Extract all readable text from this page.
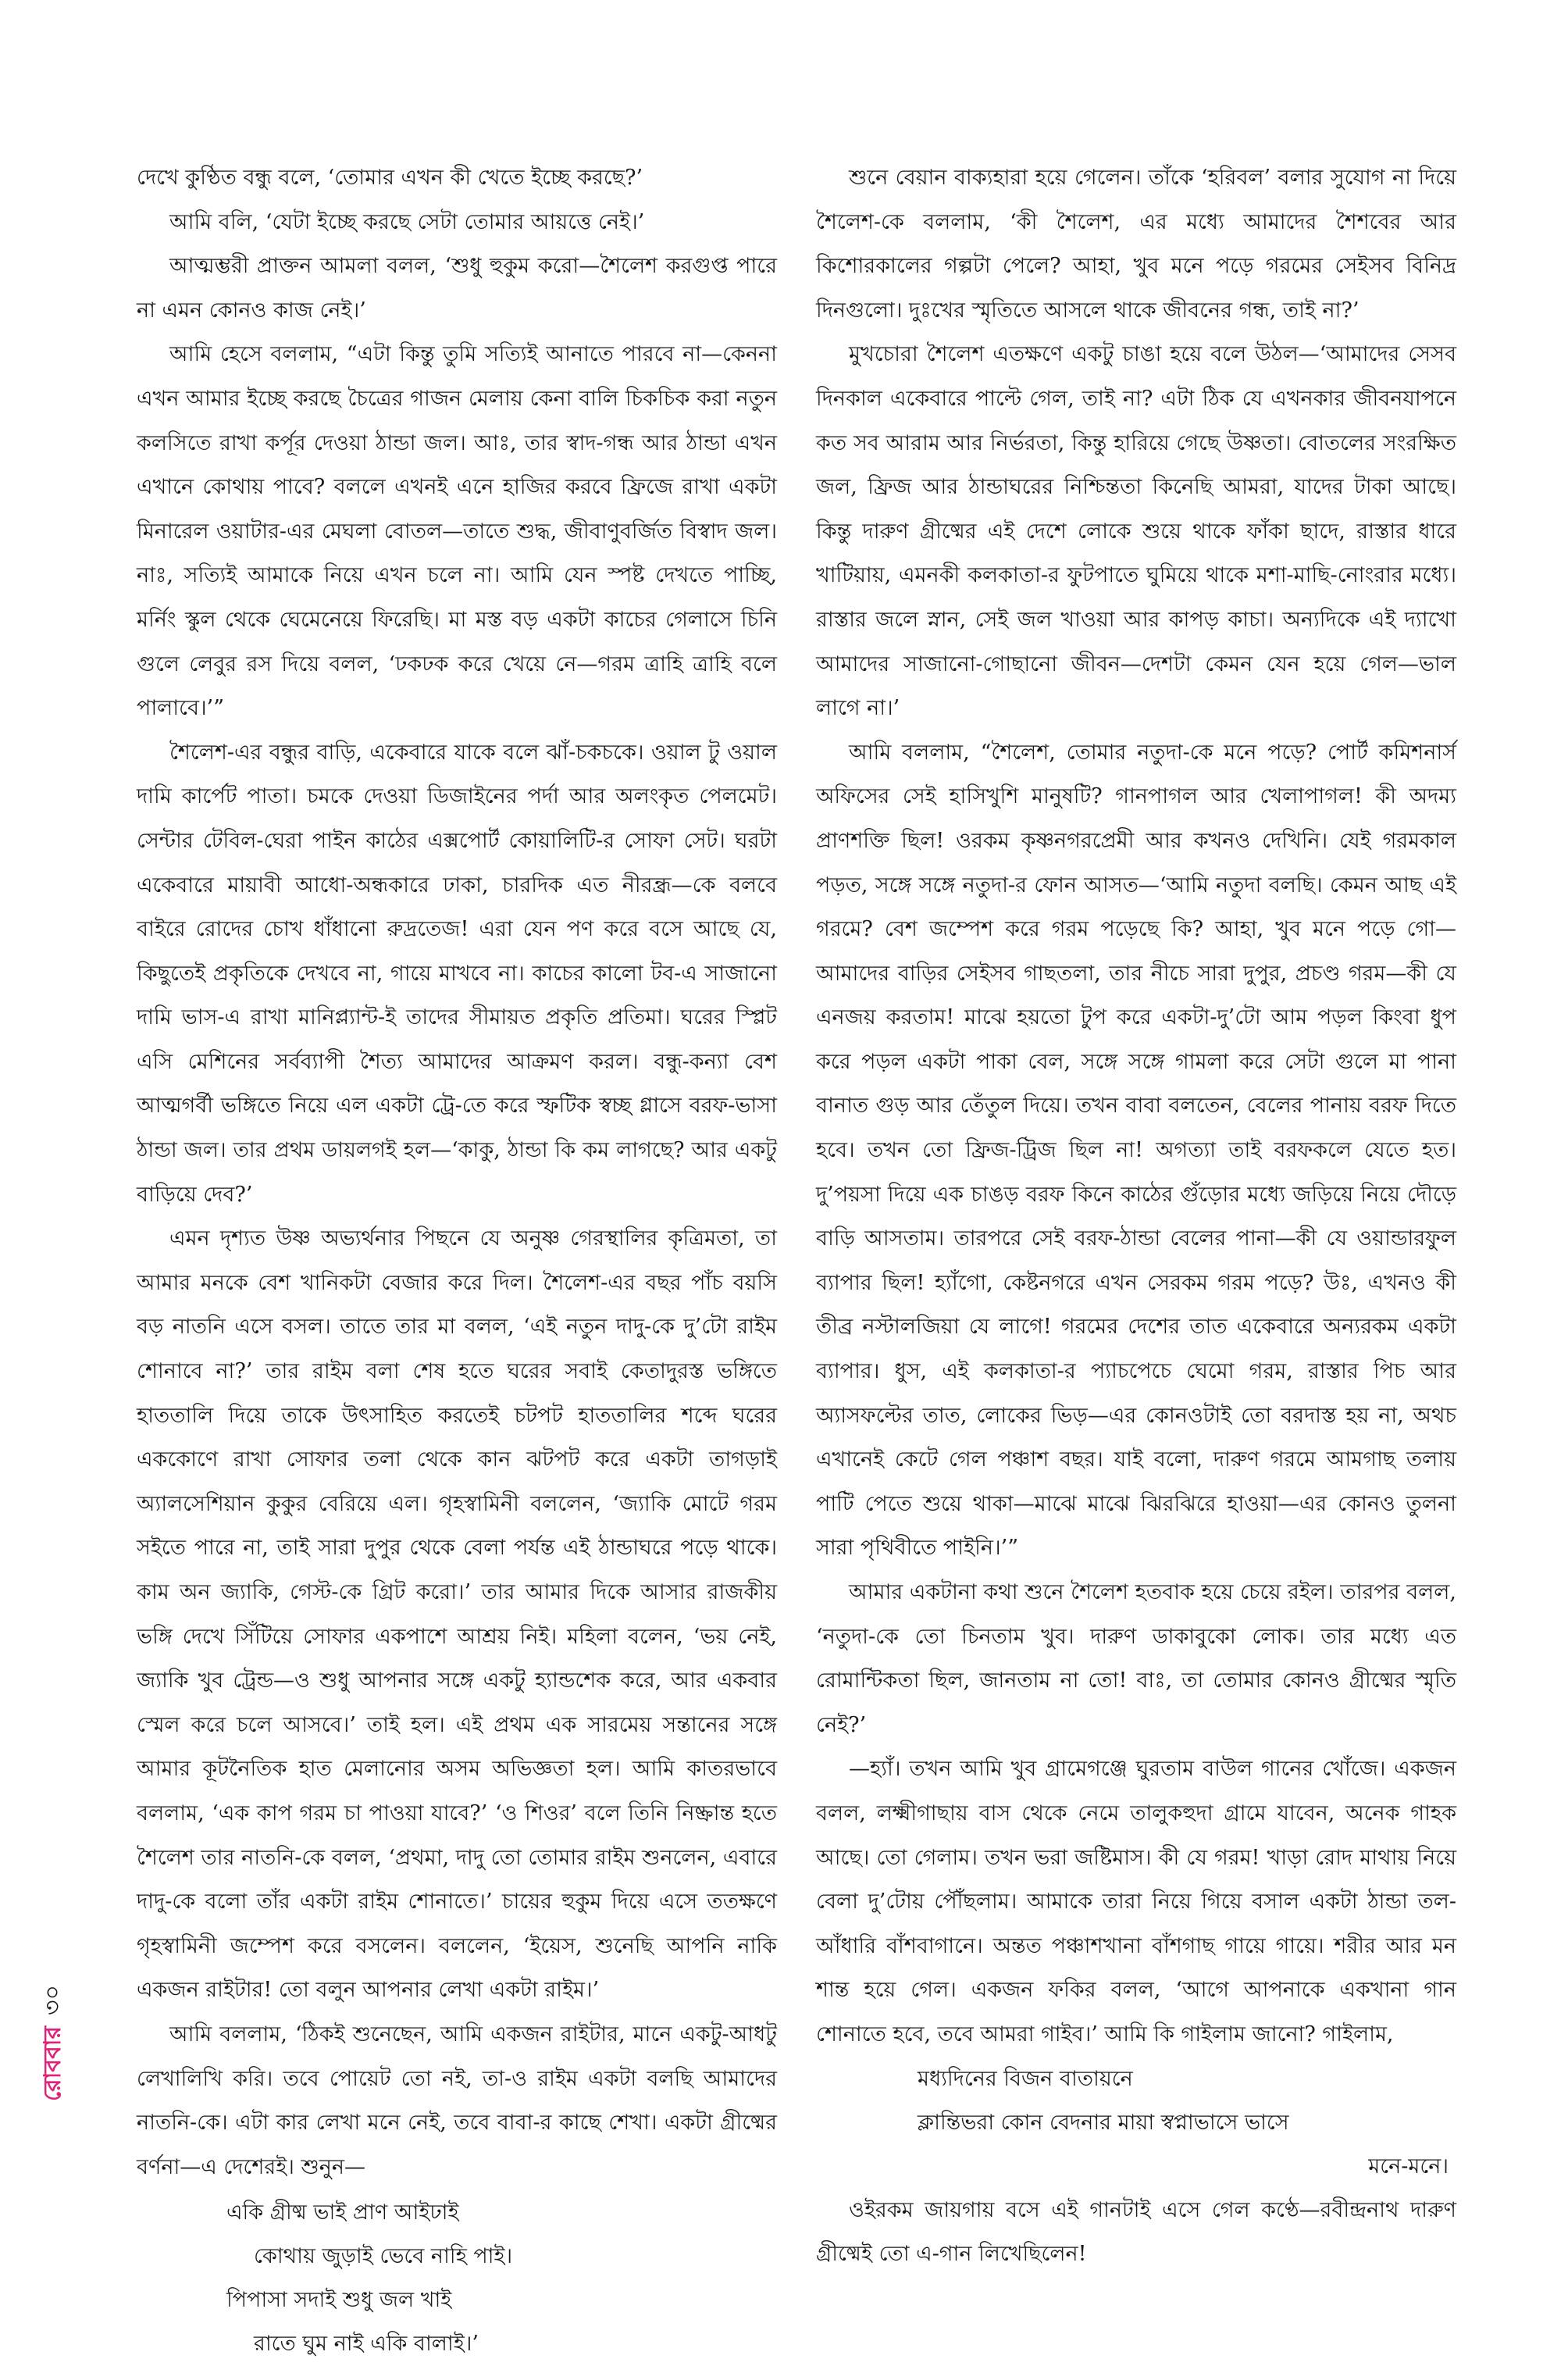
দেখে কুণ্ঠিত বন্ধু বলে, ‘তোমার এখন কী খেতে ইচ্ছে করছে?’

আমি বলি, ‘যেটা ইচ্ছে করছে সেটা তোমার আয়ত্তে নেই।’

আত্মম্ভরী প্রাক্তন আমলা বলল, ‘শুধু হুকুম করো—শৈলেশ করগুপ্ত পারে না এমন কোনও কাজ নেই।’

আমি হেসে বললাম, “এটা কিন্তু তুমি সত্যিই আনাতে পারবে না—কেননা এখন আমার ইচ্ছে করছে চৈত্রের গাজন মেলায় কেনা বালি চিকচিক করা নতুন কলসিতে রাখা কর্পূর দেওয়া ঠান্ডা জল। আঃ, তার স্বাদ-গন্ধ আর ঠান্ডা এখন এখানে কোথায় পাবে? বললে এখনই এনে হাজির করবে ফ্রিজে রাখা একটা মিনারেল ওয়াটার-এর মেঘলা বোতল—তাতে শুদ্ধ, জীবাণুবর্জিত বিস্বাদ জল। নাঃ, সত্যিই আমাকে নিয়ে এখন চলে না। আমি যেন স্পষ্ট দেখতে পাচ্ছি, মর্নিং স্কুল থেকে ঘেমেনেয়ে ফিরেছি। মা মস্ত বড় একটা কাচের গেলাসে চিনি গুলে লেবুর রস দিয়ে বলল, ‘ঢকঢক করে খেয়ে নে—গরম ত্রাহি ত্রাহি বলে পালাবে।’”

শৈলেশ-এর বন্ধুর বাড়ি, একেবারে যাকে বলে ঝাঁ-চকচকে। ওয়াল টু ওয়াল দামি কার্পেট পাতা। চমকে দেওয়া ডিজাইনের পর্দা আর অলংকৃত পেলমেট। সেন্টার টেবিল-ঘেরা পাইন কাঠের এক্সপোর্ট কোয়ালিটি-র সোফা সেট। ঘরটা একেবারে মায়াবী আধো-অন্ধকারে ঢাকা, চারদিক এত নীরন্ধ্র—কে বলবে বাইরে রোদের চোখ ধাঁধানো রুদ্রতেজ! এরা যেন পণ করে বসে আছে যে, কিছুতেই প্রকৃতিকে দেখবে না, গায়ে মাখবে না। কাচের কালো টব-এ সাজানো দামি ভাস-এ রাখা মানিপ্ল্যান্ট-ই তাদের সীমায়ত প্রকৃতি প্রতিমা। ঘরের স্প্লিট এসি মেশিনের সর্বব্যাপী শৈত্য আমাদের আক্রমণ করল। বন্ধু-কন্যা বেশ আত্মগর্বী ভঙ্গিতে নিয়ে এল একটা ট্রে-তে করে স্ফটিক স্বচ্ছ গ্লাসে বরফ-ভাসা ঠান্ডা জল। তার প্রথম ডায়লগই হল—‘কাকু, ঠান্ডা কি কম লাগছে? আর একটু বাড়িয়ে দেব?’

এমন দৃশ্যত উষ্ণ অভ্যর্থনার পিছনে যে অনুষ্ণ গেরস্থালির কৃত্রিমতা, তা আমার মনকে বেশ খানিকটা বেজার করে দিল। শৈলেশ-এর বছর পাঁচ বয়সি বড় নাতনি এসে বসল। তাতে তার মা বলল, ‘এই নতুন দাদু-কে দু’টো রাইম শোনাবে না?’ তার রাইম বলা শেষ হতে ঘরের সবাই কেতাদুরস্ত ভঙ্গিতে হাততালি দিয়ে তাকে উৎসাহিত করতেই চটপট হাততালির শব্দে ঘরের এককোণে রাখা সোফার তলা থেকে কান ঝটপট করে একটা তাগড়াই অ্যালসেশিয়ান কুকুর বেরিয়ে এল। গৃহস্বামিনী বললেন, ‘জ্যাকি মোটে গরম সইতে পারে না, তাই সারা দুপুর থেকে বেলা পর্যন্ত এই ঠান্ডাঘরে পড়ে থাকে। কাম অন জ্যাকি, গেস্ট-কে গ্রিট করো।’ তার আমার দিকে আসার রাজকীয় ভঙ্গি দেখে সিঁটিয়ে সোফার একপাশে আশ্রয় নিই। মহিলা বলেন, ‘ভয় নেই, জ্যাকি খুব ট্রেন্ড—ও শুধু আপনার সঙ্গে একটু হ্যান্ডশেক করে, আর একবার স্মেল করে চলে আসবে।’ তাই হল। এই প্রথম এক সারমেয় সন্তানের সঙ্গে আমার কূটনৈতিক হাত মেলানোর অসম অভিজ্ঞতা হল। আমি কাতরভাবে বললাম, ‘এক কাপ গরম চা পাওয়া যাবে?’ ‘ও শিওর’ বলে তিনি নিষ্ক্রান্ত হতে শৈলেশ তার নাতনি-কে বলল, ‘প্রথমা, দাদু তো তোমার রাইম শুনলেন, এবারে দাদু-কে বলো তাঁর একটা রাইম শোনাতে।’ চায়ের হুকুম দিয়ে এসে ততক্ষণে গৃহস্বামিনী জম্পেশ করে বসলেন। বললেন, ‘ইয়েস, শুনেছি আপনি নাকি একজন রাইটার! তো বলুন আপনার লেখা একটা রাইম।’

আমি বললাম, ‘ঠিকই শুনেছেন, আমি একজন রাইটার, মানে একটু-আধটু লেখালিখি করি। তবে পোয়েট তো নই, তা-ও রাইম একটা বলছি আমাদের নাতনি-কে। এটা কার লেখা মনে নেই, তবে বাবা-র কাছে শেখা। একটা গ্রীষ্মের বর্ণনা—এ দেশেরই। শুনুন—

একি গ্রীষ্ম ভাই প্রাণ আইঢাই
কোথায় জুড়াই ভেবে নাহি পাই।
পিপাসা সদাই শুধু জল খাই
রাতে ঘুম নাই একি বালাই।’

শুনে বেয়ান বাক্যহারা হয়ে গেলেন। তাঁকে ‘হরিবল’ বলার সুযোগ না দিয়ে শৈলেশ-কে বললাম, ‘কী শৈলেশ, এর মধ্যে আমাদের শৈশবের আর কিশোরকালের গল্পটা পেলে? আহা, খুব মনে পড়ে গরমের সেইসব বিনিদ্র দিনগুলো। দুঃখের স্মৃতিতে আসলে থাকে জীবনের গন্ধ, তাই না?’

মুখচোরা শৈলেশ এতক্ষণে একটু চাঙা হয়ে বলে উঠল—‘আমাদের সেসব দিনকাল একেবারে পাল্টে গেল, তাই না? এটা ঠিক যে এখনকার জীবনযাপনে কত সব আরাম আর নির্ভরতা, কিন্তু হারিয়ে গেছে উষ্ণতা। বোতলের সংরক্ষিত জল, ফ্রিজ আর ঠান্ডাঘরের নিশ্চিন্ততা কিনেছি আমরা, যাদের টাকা আছে। কিন্তু দারুণ গ্রীষ্মের এই দেশে লোকে শুয়ে থাকে ফাঁকা ছাদে, রাস্তার ধারে খাটিয়ায়, এমনকী কলকাতা-র ফুটপাতে ঘুমিয়ে থাকে মশা-মাছি-নোংরার মধ্যে। রাস্তার জলে স্নান, সেই জল খাওয়া আর কাপড় কাচা। অন্যদিকে এই দ্যাখো আমাদের সাজানো-গোছানো জীবন—দেশটা কেমন যেন হয়ে গেল—ভাল লাগে না।’

আমি বললাম, “শৈলেশ, তোমার নতুদা-কে মনে পড়ে? পোর্ট কমিশনার্স অফিসের সেই হাসিখুশি মানুষটি? গানপাগল আর খেলাপাগল! কী অদম্য প্রাণশক্তি ছিল! ওরকম কৃষ্ণনগরপ্রেমী আর কখনও দেখিনি। যেই গরমকাল পড়ত, সঙ্গে সঙ্গে নতুদা-র ফোন আসত—‘আমি নতুদা বলছি। কেমন আছ এই গরমে? বেশ জম্পেশ করে গরম পড়েছে কি? আহা, খুব মনে পড়ে গো—আমাদের বাড়ির সেইসব গাছতলা, তার নীচে সারা দুপুর, প্রচণ্ড গরম—কী যে এনজয় করতাম! মাঝে হয়তো টুপ করে একটা-দু’টো আম পড়ল কিংবা ধুপ করে পড়ল একটা পাকা বেল, সঙ্গে সঙ্গে গামলা করে সেটা গুলে মা পানা বানাত গুড় আর তেঁতুল দিয়ে। তখন বাবা বলতেন, বেলের পানায় বরফ দিতে হবে। তখন তো ফ্রিজ-ট্রিজ ছিল না! অগত্যা তাই বরফকলে যেতে হত। দু’পয়সা দিয়ে এক চাঙড় বরফ কিনে কাঠের গুঁড়োর মধ্যে জড়িয়ে নিয়ে দৌড়ে বাড়ি আসতাম। তারপরে সেই বরফ-ঠান্ডা বেলের পানা—কী যে ওয়ান্ডারফুল ব্যাপার ছিল! হ্যাঁগো, কেষ্টনগরে এখন সেরকম গরম পড়ে? উঃ, এখনও কী তীব্র নস্টালজিয়া যে লাগে! গরমের দেশের তাত একেবারে অন্যরকম একটা ব্যাপার। ধুস, এই কলকাতা-র প্যাচপেচে ঘেমো গরম, রাস্তার পিচ আর অ্যাসফল্টের তাত, লোকের ভিড়—এর কোনওটাই তো বরদাস্ত হয় না, অথচ এখানেই কেটে গেল পঞ্চাশ বছর। যাই বলো, দারুণ গরমে আমগাছ তলায় পাটি পেতে শুয়ে থাকা—মাঝে মাঝে ঝিরঝিরে হাওয়া—এর কোনও তুলনা সারা পৃথিবীতে পাইনি।’”

আমার একটানা কথা শুনে শৈলেশ হতবাক হয়ে চেয়ে রইল। তারপর বলল, ‘নতুদা-কে তো চিনতাম খুব। দারুণ ডাকাবুকো লোক। তার মধ্যে এত রোমান্টিকতা ছিল, জানতাম না তো! বাঃ, তা তোমার কোনও গ্রীষ্মের স্মৃতি নেই?’

—হ্যাঁ। তখন আমি খুব গ্রামেগঞ্জে ঘুরতাম বাউল গানের খোঁজে। একজন বলল, লক্ষ্মীগাছায় বাস থেকে নেমে তালুকহুদা গ্রামে যাবেন, অনেক গাহক আছে। তো গেলাম। তখন ভরা জষ্টিমাস। কী যে গরম! খাড়া রোদ মাথায় নিয়ে বেলা দু’টোয় পৌঁছলাম। আমাকে তারা নিয়ে গিয়ে বসাল একটা ঠান্ডা তল-আঁধারি বাঁশবাগানে। অন্তত পঞ্চাশখানা বাঁশগাছ গায়ে গায়ে। শরীর আর মন শান্ত হয়ে গেল। একজন ফকির বলল, ‘আগে আপনাকে একখানা গান শোনাতে হবে, তবে আমরা গাইব।’ আমি কি গাইলাম জানো? গাইলাম,

মধ্যদিনের বিজন বাতায়নে
ক্লান্তিভরা কোন বেদনার মায়া স্বপ্নাভাসে ভাসে
মনে-মনে।

ওইরকম জায়গায় বসে এই গানটাই এসে গেল কণ্ঠে—রবীন্দ্রনাথ দারুণ গ্রীষ্মেই তো এ-গান লিখেছিলেন!

রোববার৩০
